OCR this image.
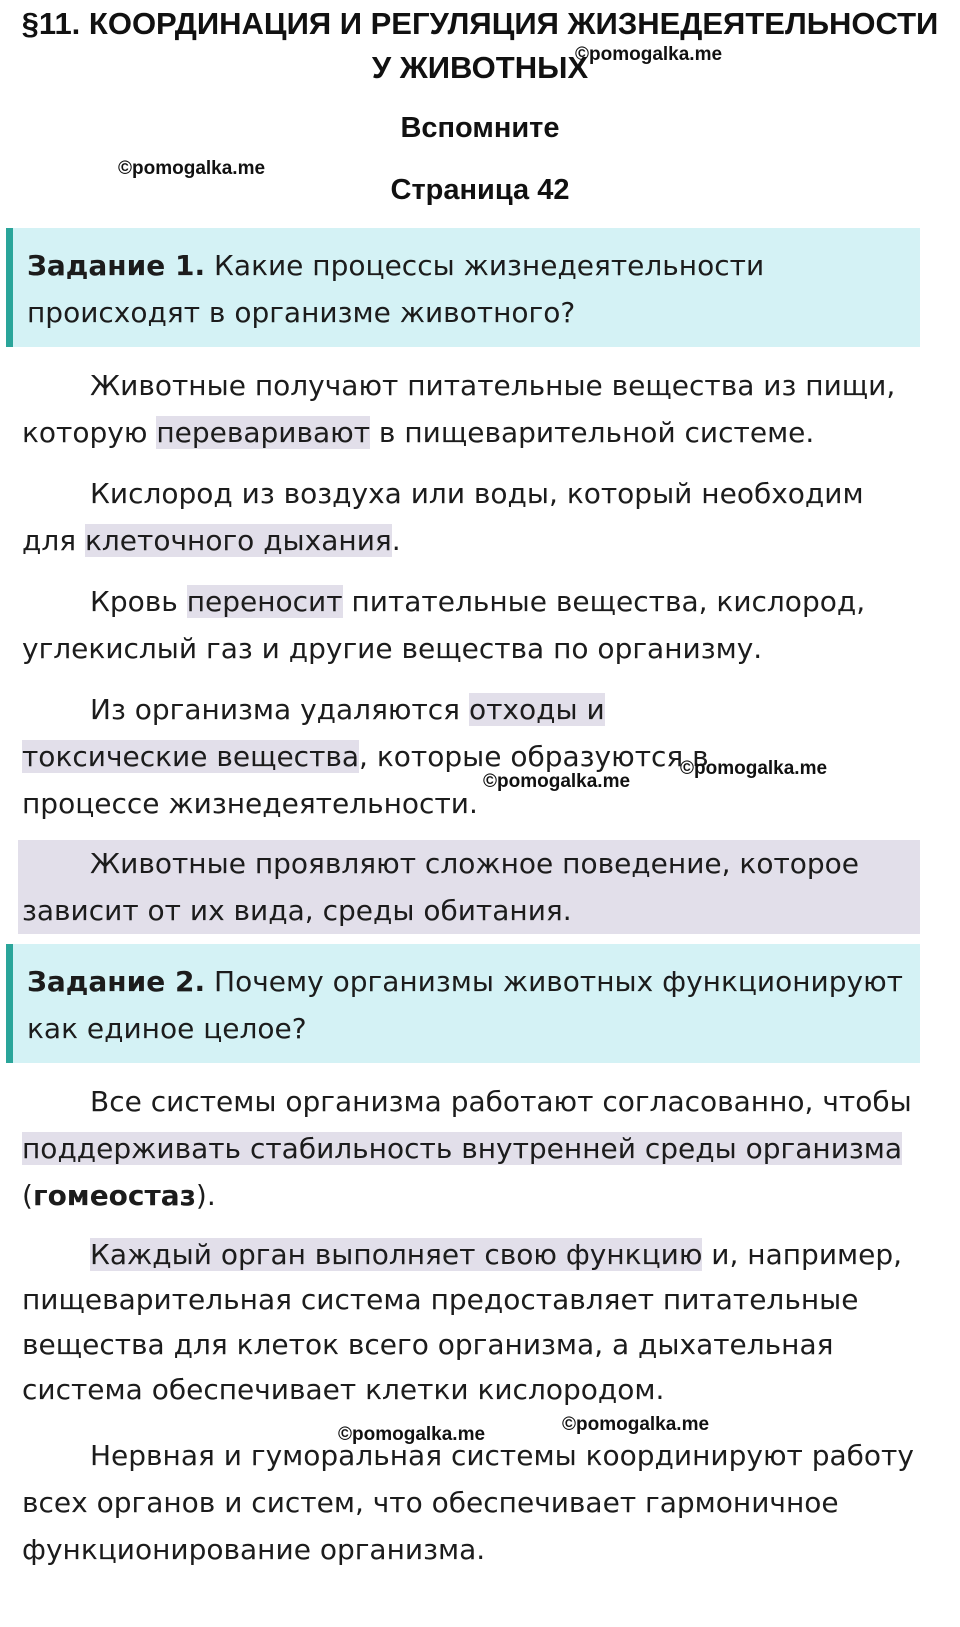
§11. КООРДИНАЦИЯ И РЕГУЛЯЦИЯ ЖИЗНЕДЕЯТЕЛЬНОСТИ
У ЖИВОТНЫХ
©pomogalka.me
Вспомните
©pomogalka.me
Страница 42
Задание 1. Какие процессы жизнедеятельности происходят в организме животного?
Животные получают питательные вещества из пищи, которую переваривают в пищеварительной системе.
Кислород из воздуха или воды, который необходим для клеточного дыхания.
Кровь переносит питательные вещества, кислород, углекислый газ и другие вещества по организму.
Из организма удаляются отходы и токсические вещества, которые образуются в процессе жизнедеятельности.
©pomogalka.me
©pomogalka.me
Животные проявляют сложное поведение, которое зависит от их вида, среды обитания.
Задание 2. Почему организмы животных функционируют как единое целое?
Все системы организма работают согласованно, чтобы поддерживать стабильность внутренней среды организма (гомеостаз).
Каждый орган выполняет свою функцию и, например, пищеварительная система предоставляет питательные вещества для клеток всего организма, а дыхательная система обеспечивает клетки кислородом.
©pomogalka.me	©pomogalka.me
Нервная и гуморальная системы координируют работу всех органов и систем, что обеспечивает гармоничное функционирование организма.
